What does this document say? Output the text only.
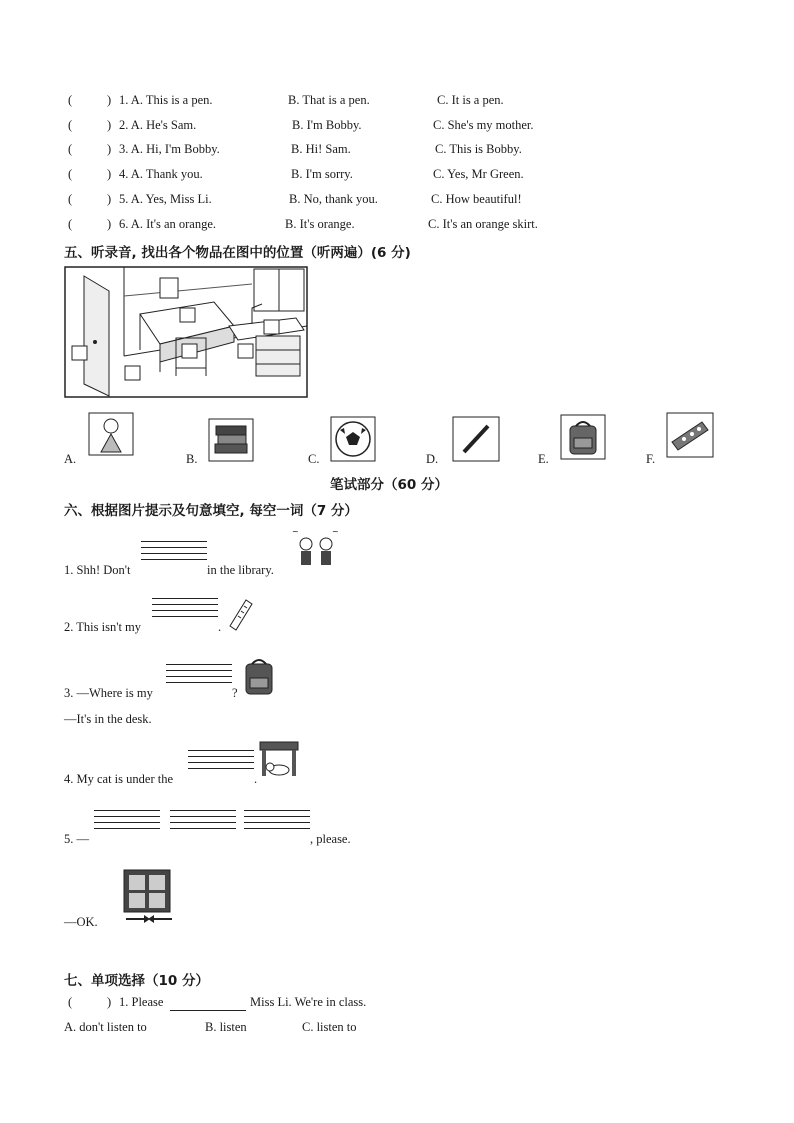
(	) 1. A. This is a pen.	B. That is a pen.	C. It is a pen.
(	) 2. A. He's Sam.	B. I'm Bobby.	C. She's my mother.
(	) 3. A. Hi, I'm Bobby.	B. Hi! Sam.	C. This is Bobby.
(	) 4. A. Thank you.	B. I'm sorry.	C. Yes, Mr Green.
(	) 5. A. Yes, Miss Li.	B. No, thank you.	C. How beautiful!
(	) 6. A. It's an orange.	B. It's orange.	C. It's an orange skirt.
五、听录音, 找出各个物品在图中的位置（听两遍）(6 分)
A.	B.	C.	D.	E.	F.
笔试部分（60 分）
六、根据图片提示及句意填空, 每空一词（7 分）
1. Shh! Don't	in the library.
~	~
2. This isn't my	.
3. —Where is my	?
—It's in the desk.
4. My cat is under the	.
5. —	, please.
—OK.
七、单项选择（10 分）
(	) 1. Please	Miss Li. We're in class.
A. don't listen to	B. listen	C. listen to
